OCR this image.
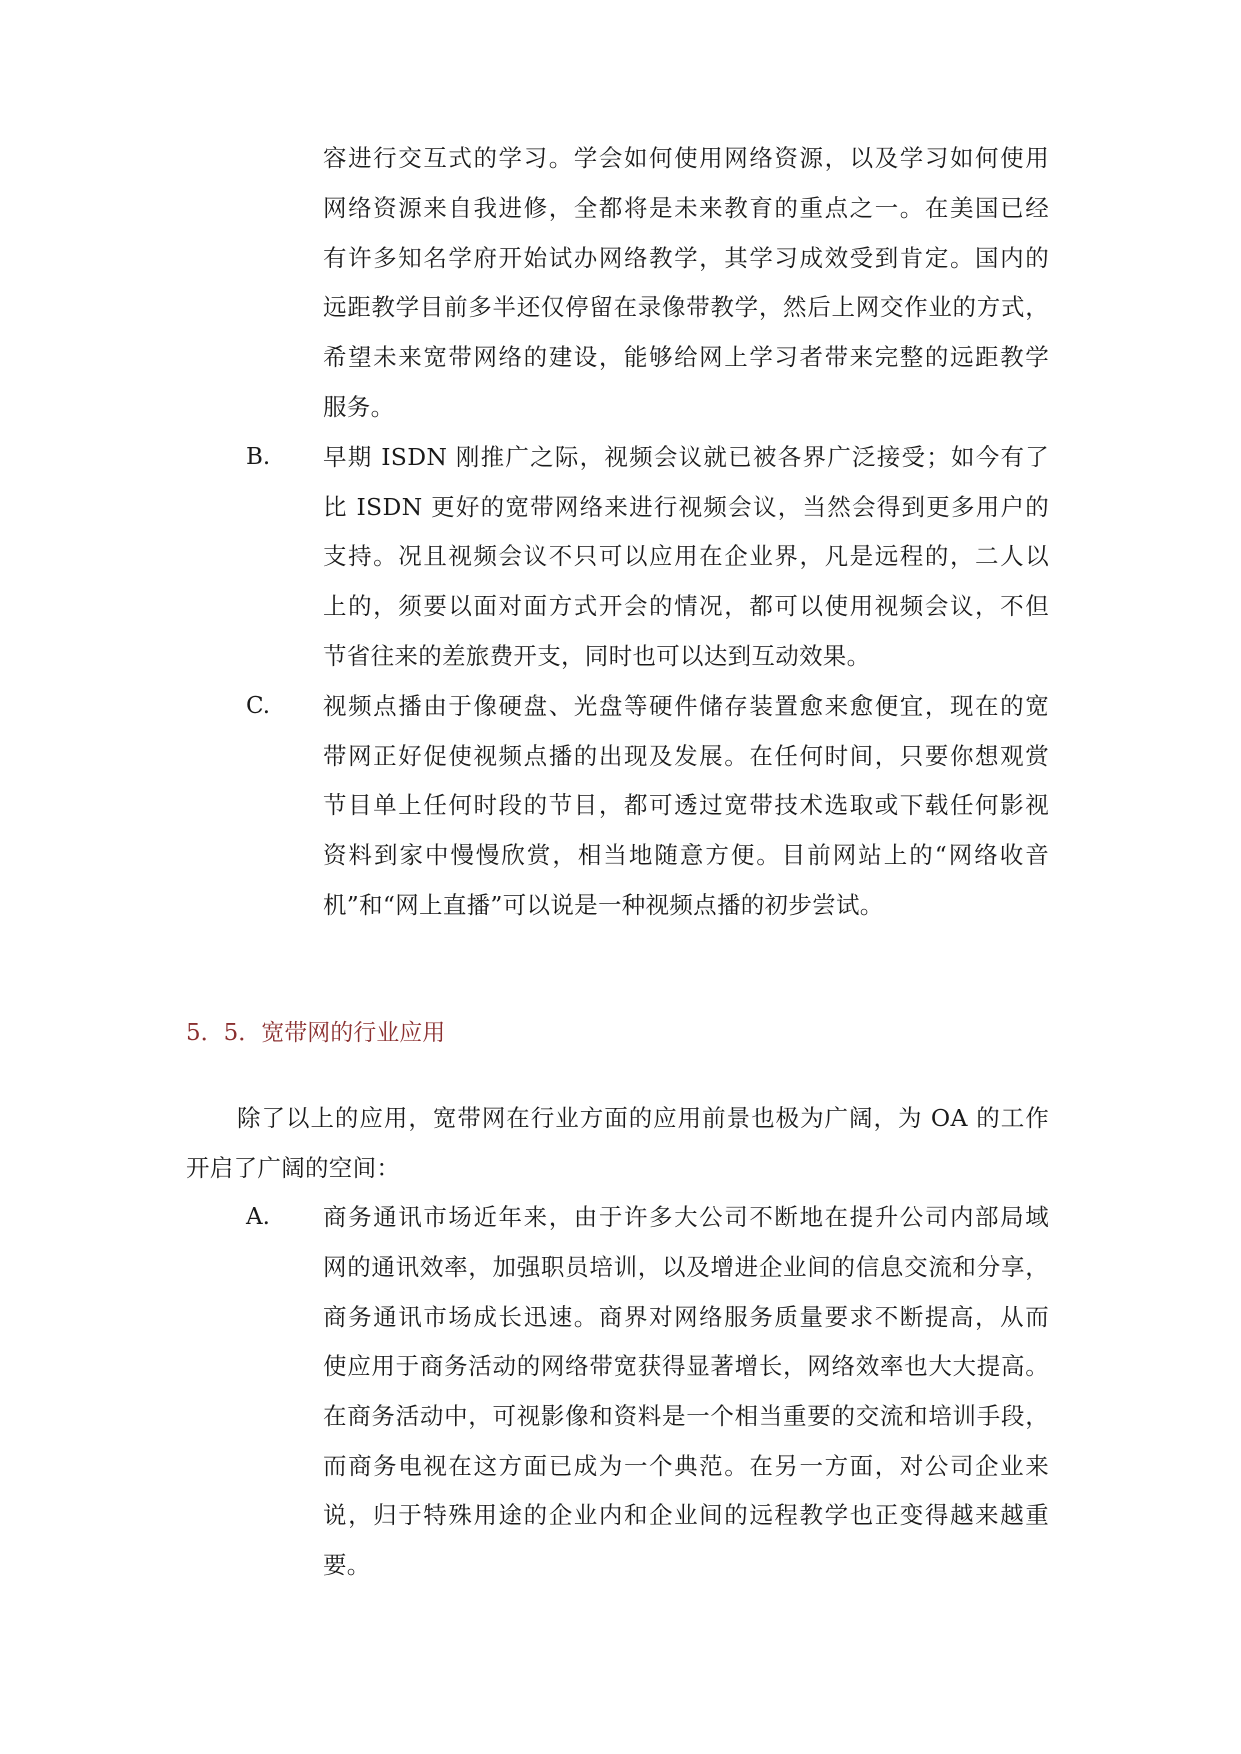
容进行交互式的学习。学会如何使用网络资源，以及学习如何使用
网络资源来自我进修，全都将是未来教育的重点之一。在美国已经
有许多知名学府开始试办网络教学，其学习成效受到肯定。国内的
远距教学目前多半还仅停留在录像带教学，然后上网交作业的方式，
希望未来宽带网络的建设，能够给网上学习者带来完整的远距教学
服务。
B. 早期 ISDN 刚推广之际，视频会议就已被各界广泛接受；如今有了
比 ISDN 更好的宽带网络来进行视频会议，当然会得到更多用户的
支持。况且视频会议不只可以应用在企业界，凡是远程的，二人以
上的，须要以面对面方式开会的情况，都可以使用视频会议，不但
节省往来的差旅费开支，同时也可以达到互动效果。
C. 视频点播由于像硬盘、光盘等硬件储存装置愈来愈便宜，现在的宽
带网正好促使视频点播的出现及发展。在任何时间，只要你想观赏
节目单上任何时段的节目，都可透过宽带技术选取或下载任何影视
资料到家中慢慢欣赏，相当地随意方便。目前网站上的“网络收音
机”和“网上直播”可以说是一种视频点播的初步尝试。
5．5．宽带网的行业应用
除了以上的应用，宽带网在行业方面的应用前景也极为广阔，为 OA 的工作
开启了广阔的空间：
A. 商务通讯市场近年来，由于许多大公司不断地在提升公司内部局域
网的通讯效率，加强职员培训，以及增进企业间的信息交流和分享，
商务通讯市场成长迅速。商界对网络服务质量要求不断提高，从而
使应用于商务活动的网络带宽获得显著增长，网络效率也大大提高。
在商务活动中，可视影像和资料是一个相当重要的交流和培训手段，
而商务电视在这方面已成为一个典范。在另一方面，对公司企业来
说，归于特殊用途的企业内和企业间的远程教学也正变得越来越重
要。
